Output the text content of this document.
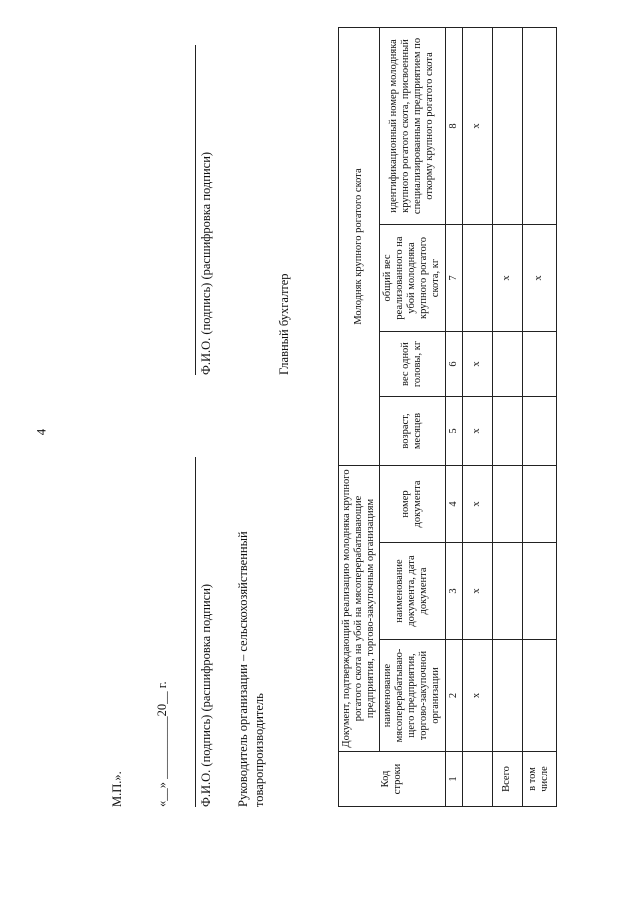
4
Код строки	Документ, подтверждающий реализацию молодняка крупного рогатого скота на убой на мясоперерабатывающие предприятия, торгово-закупочным организациям			Молодняк крупного рогатого скота			
	наименование мясоперерабатываю-щего предприятия, торгово-закупочной организации	наименование документа, дата документа	номер документа	возраст, месяцев	вес одной головы, кг	общий вес реализованного на убой молодняка крупного рогатого скота, кг	идентификационный номер молодняка крупного рогатого скота, присвоенный специализированным предприятием по откорму крупного рогатого скота
1	2	3	4	5	6	7	8
	х	х	х	х	х		х
Всего						х	
в том числе						х	
Руководитель организации – сельскохозяйственный товаропроизводитель
Ф.И.О. (подпись) (расшифровка подписи)
Главный бухгалтер
Ф.И.О. (подпись) (расшифровка подписи)
«__» __________20__ г.
М.П.».
